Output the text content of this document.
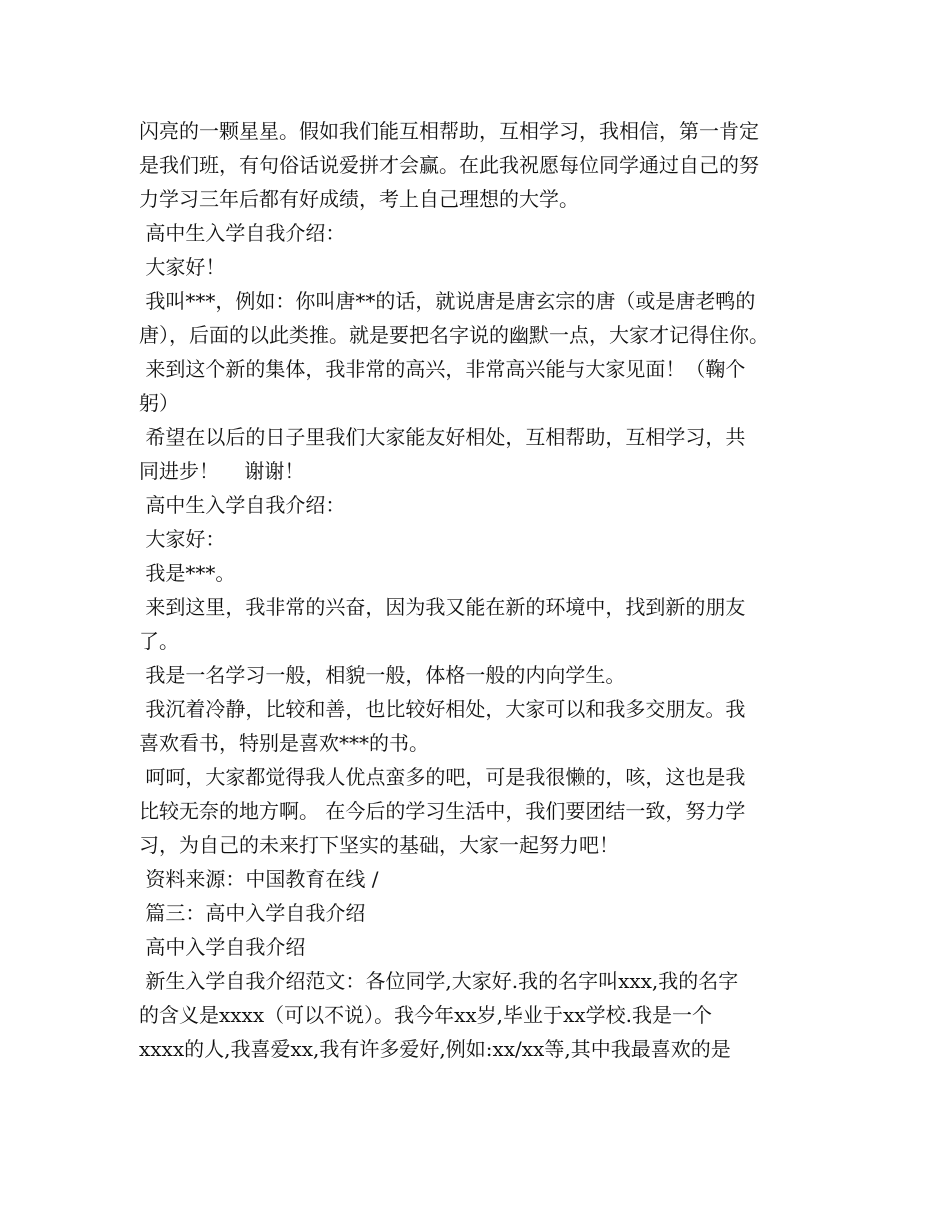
闪亮的一颗星星。假如我们能互相帮助，互相学习，我相信，第一肯定
是我们班，有句俗话说爱拼才会赢。在此我祝愿每位同学通过自己的努
力学习三年后都有好成绩，考上自己理想的大学。
高中生入学自我介绍：
大家好！
我叫***，例如：你叫唐**的话，就说唐是唐玄宗的唐（或是唐老鸭的
唐），后面的以此类推。就是要把名字说的幽默一点，大家才记得住你。
来到这个新的集体，我非常的高兴，非常高兴能与大家见面！（鞠个
躬）
希望在以后的日子里我们大家能友好相处，互相帮助，互相学习，共
同进步！    谢谢！
高中生入学自我介绍：
大家好：
我是***。
来到这里，我非常的兴奋，因为我又能在新的环境中，找到新的朋友
了。
我是一名学习一般，相貌一般，体格一般的内向学生。
我沉着冷静，比较和善，也比较好相处，大家可以和我多交朋友。我
喜欢看书，特别是喜欢***的书。
呵呵，大家都觉得我人优点蛮多的吧，可是我很懒的，咳，这也是我
比较无奈的地方啊。 在今后的学习生活中，我们要团结一致，努力学
习，为自己的未来打下坚实的基础，大家一起努力吧！
资料来源：中国教育在线 /
篇三：高中入学自我介绍
高中入学自我介绍
新生入学自我介绍范文：各位同学,大家好.我的名字叫xxx,我的名字
的含义是xxxx（可以不说）。我今年xx岁,毕业于xx学校.我是一个
xxxx的人,我喜爱xx,我有许多爱好,例如:xx/xx等,其中我最喜欢的是
